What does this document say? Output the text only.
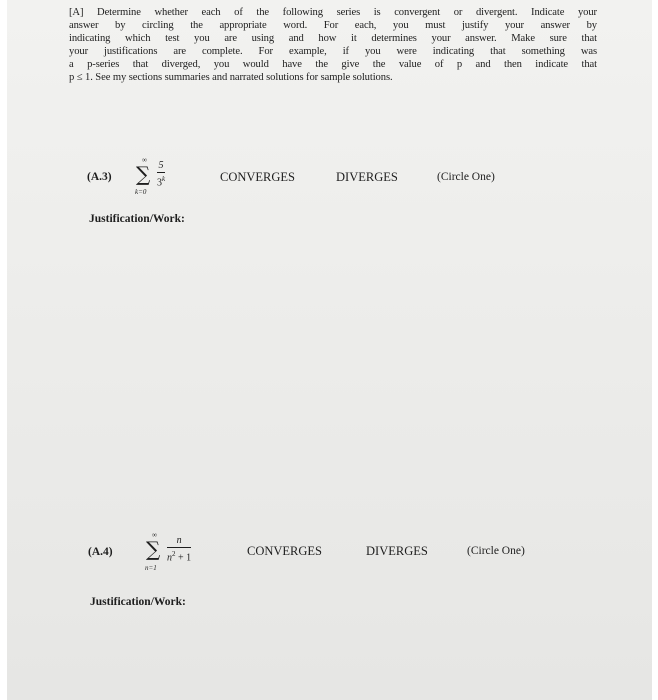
[A] Determine whether each of the following series is convergent or divergent. Indicate your
answer by circling the appropriate word. For each, you must justify your answer by
indicating which test you are using and how it determines your answer. Make sure that
your justifications are complete. For example, if you were indicating that something was
a p-series that diverged, you would have the give the value of p and then indicate that
p ≤ 1. See my sections summaries and narrated solutions for sample solutions.
(A.3)
∞
∑
k=0
5
3$^k$	CONVERGES	DIVERGES	(Circle One)
Justification/Work:
(A.4)
∞
∑
n=1
n
$n^2 + 1$	CONVERGES	DIVERGES	(Circle One)
Justification/Work:
